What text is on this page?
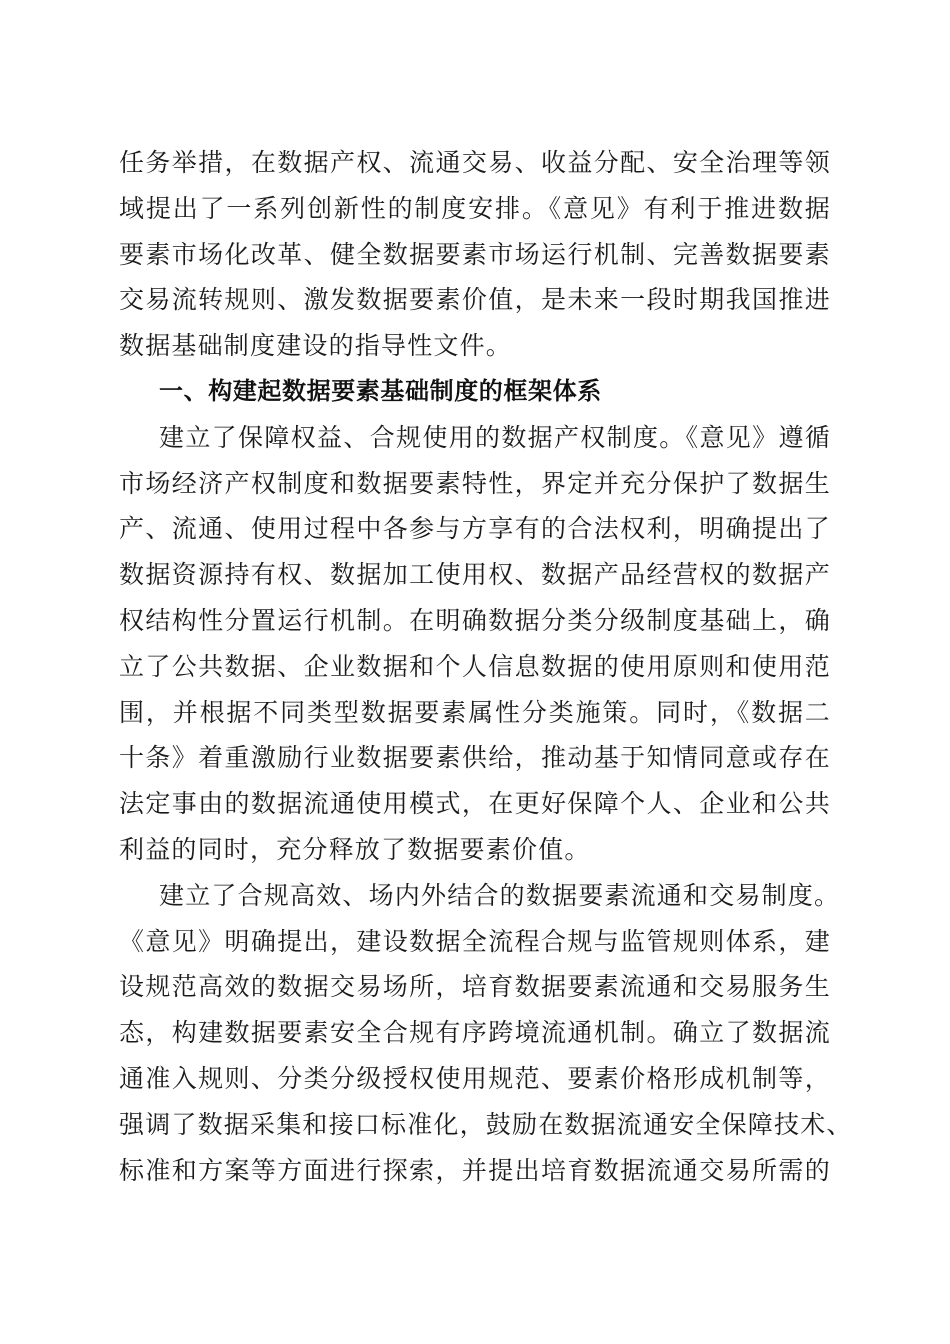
任务举措，在数据产权、流通交易、收益分配、安全治理等领
域提出了一系列创新性的制度安排。《意见》有利于推进数据
要素市场化改革、健全数据要素市场运行机制、完善数据要素
交易流转规则、激发数据要素价值，是未来一段时期我国推进
数据基础制度建设的指导性文件。
一、构建起数据要素基础制度的框架体系
建立了保障权益、合规使用的数据产权制度。《意见》遵循
市场经济产权制度和数据要素特性，界定并充分保护了数据生
产、流通、使用过程中各参与方享有的合法权利，明确提出了
数据资源持有权、数据加工使用权、数据产品经营权的数据产
权结构性分置运行机制。在明确数据分类分级制度基础上，确
立了公共数据、企业数据和个人信息数据的使用原则和使用范
围，并根据不同类型数据要素属性分类施策。同时，《数据二
十条》着重激励行业数据要素供给，推动基于知情同意或存在
法定事由的数据流通使用模式，在更好保障个人、企业和公共
利益的同时，充分释放了数据要素价值。
建立了合规高效、场内外结合的数据要素流通和交易制度。
《意见》明确提出，建设数据全流程合规与监管规则体系，建
设规范高效的数据交易场所，培育数据要素流通和交易服务生
态，构建数据要素安全合规有序跨境流通机制。确立了数据流
通准入规则、分类分级授权使用规范、要素价格形成机制等，
强调了数据采集和接口标准化，鼓励在数据流通安全保障技术、
标准和方案等方面进行探索，并提出培育数据流通交易所需的
